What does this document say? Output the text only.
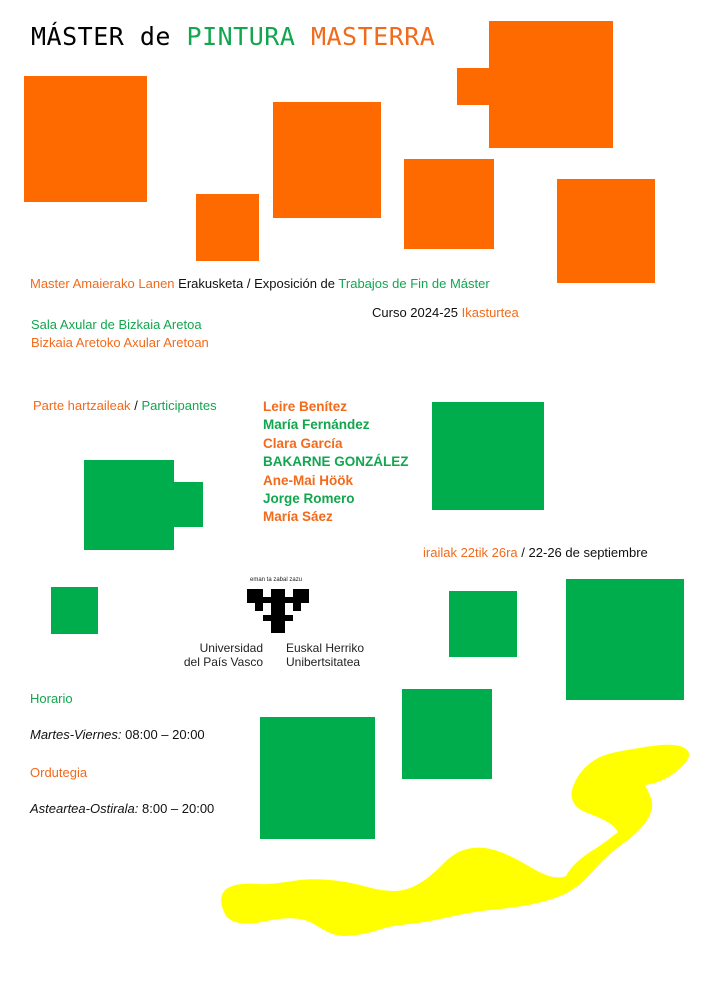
MÁSTER de PINTURA MASTERRA
Master Amaierako Lanen Erakusketa / Exposición de Trabajos de Fin de Máster
Curso 2024-25 Ikasturtea
Sala Axular de Bizkaia Aretoa
Bizkaia Aretoko Axular Aretoan
Parte hartzaileak / Participantes	Leire Benítez
María Fernández
Clara García
BAKARNE GONZÁLEZ
Ane-Mai Höök
Jorge Romero
María Sáez
irailak 22tik 26ra / 22-26 de septiembre
eman ta zabal zazu
Universidad
del País Vasco
Euskal Herriko
Unibertsitatea
Horario
Martes-Viernes: 08:00 – 20:00
Ordutegia
Asteartea-Ostirala: 8:00 – 20:00
